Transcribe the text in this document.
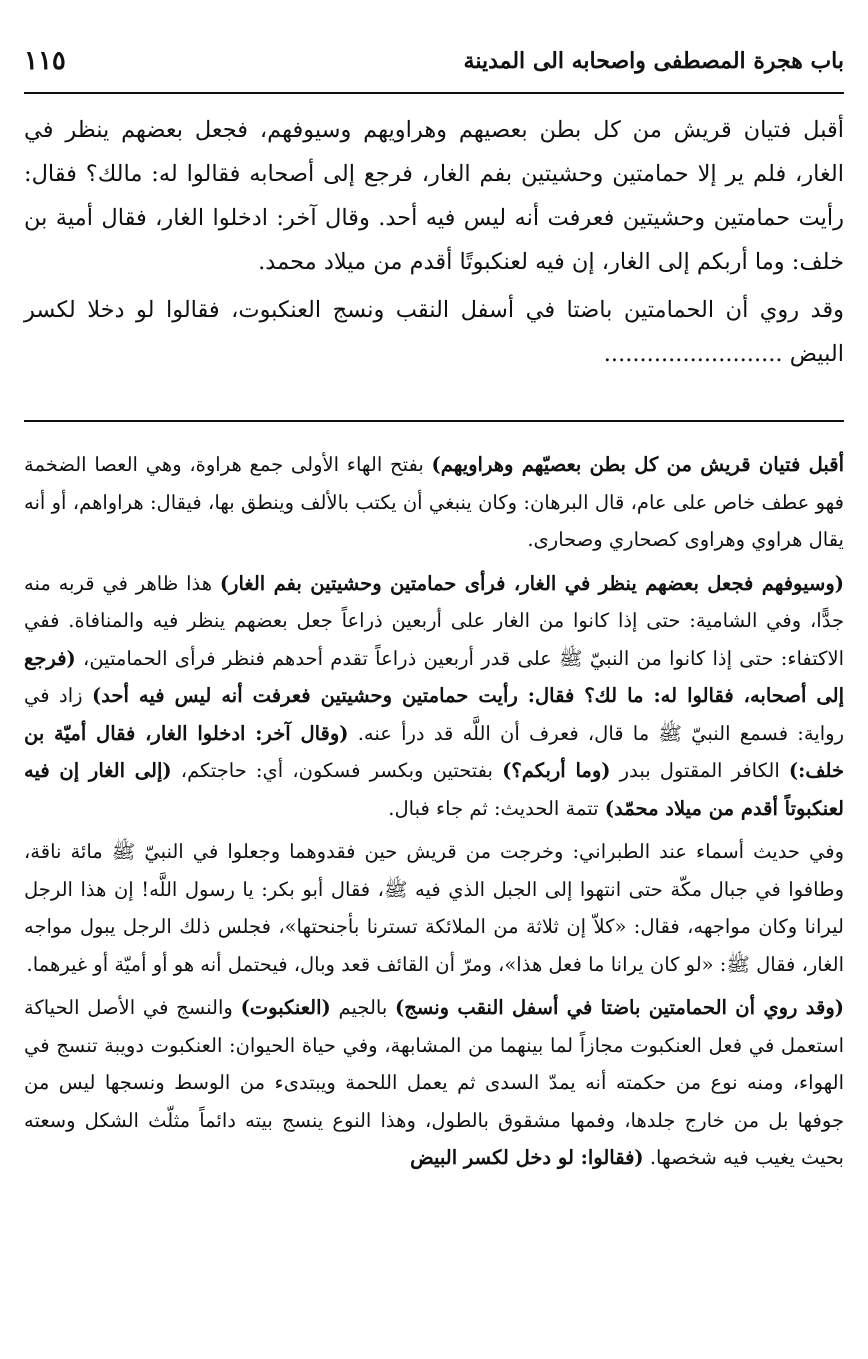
باب هجرة المصطفى واصحابه الى المدينة
١١٥

أقبل فتيان قريش من كل بطن بعصيهم وهراويهم وسيوفهم، فجعل بعضهم ينظر في الغار، فلم ير إلا حمامتين وحشيتين بفم الغار، فرجع إلى أصحابه فقالوا له: مالك؟ فقال: رأيت حمامتين وحشيتين فعرفت أنه ليس فيه أحد. وقال آخر: ادخلوا الغار، فقال أمية بن خلف: وما أربكم إلى الغار، إن فيه لعنكبوتًا أقدم من ميلاد محمد.

وقد روي أن الحمامتين باضتا في أسفل النقب ونسج العنكبوت، فقالوا لو دخلا لكسر البيض .........................

أقبل فتيان قريش من كل بطن بعصيّهم وهراويهم) بفتح الهاء الأولى جمع هراوة، وهي العصا الضخمة فهو عطف خاص على عام، قال البرهان: وكان ينبغي أن يكتب بالألف وينطق بها، فيقال: هراواهم، أو أنه يقال هراوي وهراوى كصحاري وصحارى.

(وسيوفهم فجعل بعضهم ينظر في الغار، فرأى حمامتين وحشيتين بفم الغار) هذا ظاهر في قربه منه جدًّا، وفي الشامية: حتى إذا كانوا من الغار على أربعين ذراعاً جعل بعضهم ينظر فيه والمنافاة. ففي الاكتفاء: حتى إذا كانوا من النبيّ ﷺ على قدر أربعين ذراعاً تقدم أحدهم فنظر فرأى الحمامتين، (فرجع إلى أصحابه، فقالوا له: ما لك؟ فقال: رأيت حمامتين وحشيتين فعرفت أنه ليس فيه أحد) زاد في رواية: فسمع النبيّ ﷺ ما قال، فعرف أن اللَّه قد درأ عنه. (وقال آخر: ادخلوا الغار، فقال أميّة بن خلف:) الكافر المقتول ببدر (وما أربكم؟) بفتحتين وبكسر فسكون، أي: حاجتكم، (إلى الغار إن فيه لعنكبوتاً أقدم من ميلاد محمّد) تتمة الحديث: ثم جاء فبال.

وفي حديث أسماء عند الطبراني: وخرجت من قريش حين فقدوهما وجعلوا في النبيّ ﷺ مائة ناقة، وطافوا في جبال مكّة حتى انتهوا إلى الجبل الذي فيه ﷺ، فقال أبو بكر: يا رسول اللَّه! إن هذا الرجل ليرانا وكان مواجهه، فقال: «كلاّ إن ثلاثة من الملائكة تسترنا بأجنحتها»، فجلس ذلك الرجل يبول مواجه الغار، فقال ﷺ: «لو كان يرانا ما فعل هذا»، ومرّ أن القائف قعد وبال، فيحتمل أنه هو أو أميّة أو غيرهما.

(وقد روي أن الحمامتين باضتا في أسفل النقب ونسج) بالجيم (العنكبوت) والنسج في الأصل الحياكة استعمل في فعل العنكبوت مجازاً لما بينهما من المشابهة، وفي حياة الحيوان: العنكبوت دويبة تنسج في الهواء، ومنه نوع من حكمته أنه يمدّ السدى ثم يعمل اللحمة ويبتدىء من الوسط ونسجها ليس من جوفها بل من خارج جلدها، وفمها مشقوق بالطول، وهذا النوع ينسج بيته دائماً مثلّث الشكل وسعته بحيث يغيب فيه شخصها. (فقالوا: لو دخل لكسر البيض
